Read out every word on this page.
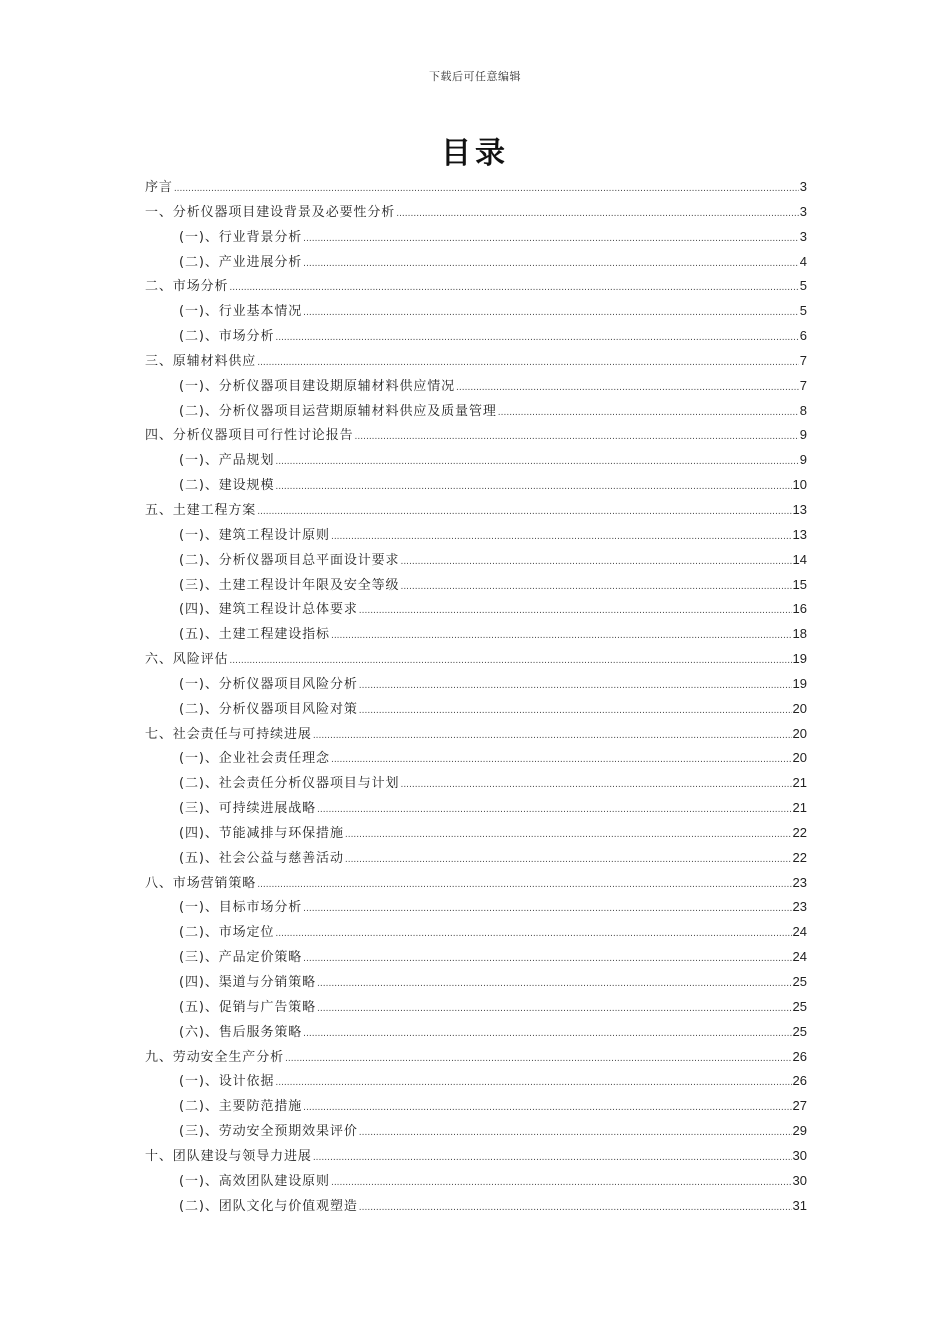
下载后可任意编辑
目录
序言 .....	3
一、分析仪器项目建设背景及必要性分析 .....	3
(一)、行业背景分析 .....	3
(二)、产业进展分析 .....	4
二、市场分析 .....	5
(一)、行业基本情况 .....	5
(二)、市场分析 .....	6
三、原辅材料供应 .....	7
(一)、分析仪器项目建设期原辅材料供应情况 .....	7
(二)、分析仪器项目运营期原辅材料供应及质量管理 .....	8
四、分析仪器项目可行性讨论报告 .....	9
(一)、产品规划 .....	9
(二)、建设规模 .....	10
五、土建工程方案 .....	13
(一)、建筑工程设计原则 .....	13
(二)、分析仪器项目总平面设计要求 .....	14
(三)、土建工程设计年限及安全等级 .....	15
(四)、建筑工程设计总体要求 .....	16
(五)、土建工程建设指标 .....	18
六、风险评估 .....	19
(一)、分析仪器项目风险分析 .....	19
(二)、分析仪器项目风险对策 .....	20
七、社会责任与可持续进展 .....	20
(一)、企业社会责任理念 .....	20
(二)、社会责任分析仪器项目与计划 .....	21
(三)、可持续进展战略 .....	21
(四)、节能减排与环保措施 .....	22
(五)、社会公益与慈善活动 .....	22
八、市场营销策略 .....	23
(一)、目标市场分析 .....	23
(二)、市场定位 .....	24
(三)、产品定价策略 .....	24
(四)、渠道与分销策略 .....	25
(五)、促销与广告策略 .....	25
(六)、售后服务策略 .....	25
九、劳动安全生产分析 .....	26
(一)、设计依据 .....	26
(二)、主要防范措施 .....	27
(三)、劳动安全预期效果评价 .....	29
十、团队建设与领导力进展 .....	30
(一)、高效团队建设原则 .....	30
(二)、团队文化与价值观塑造 .....	31
